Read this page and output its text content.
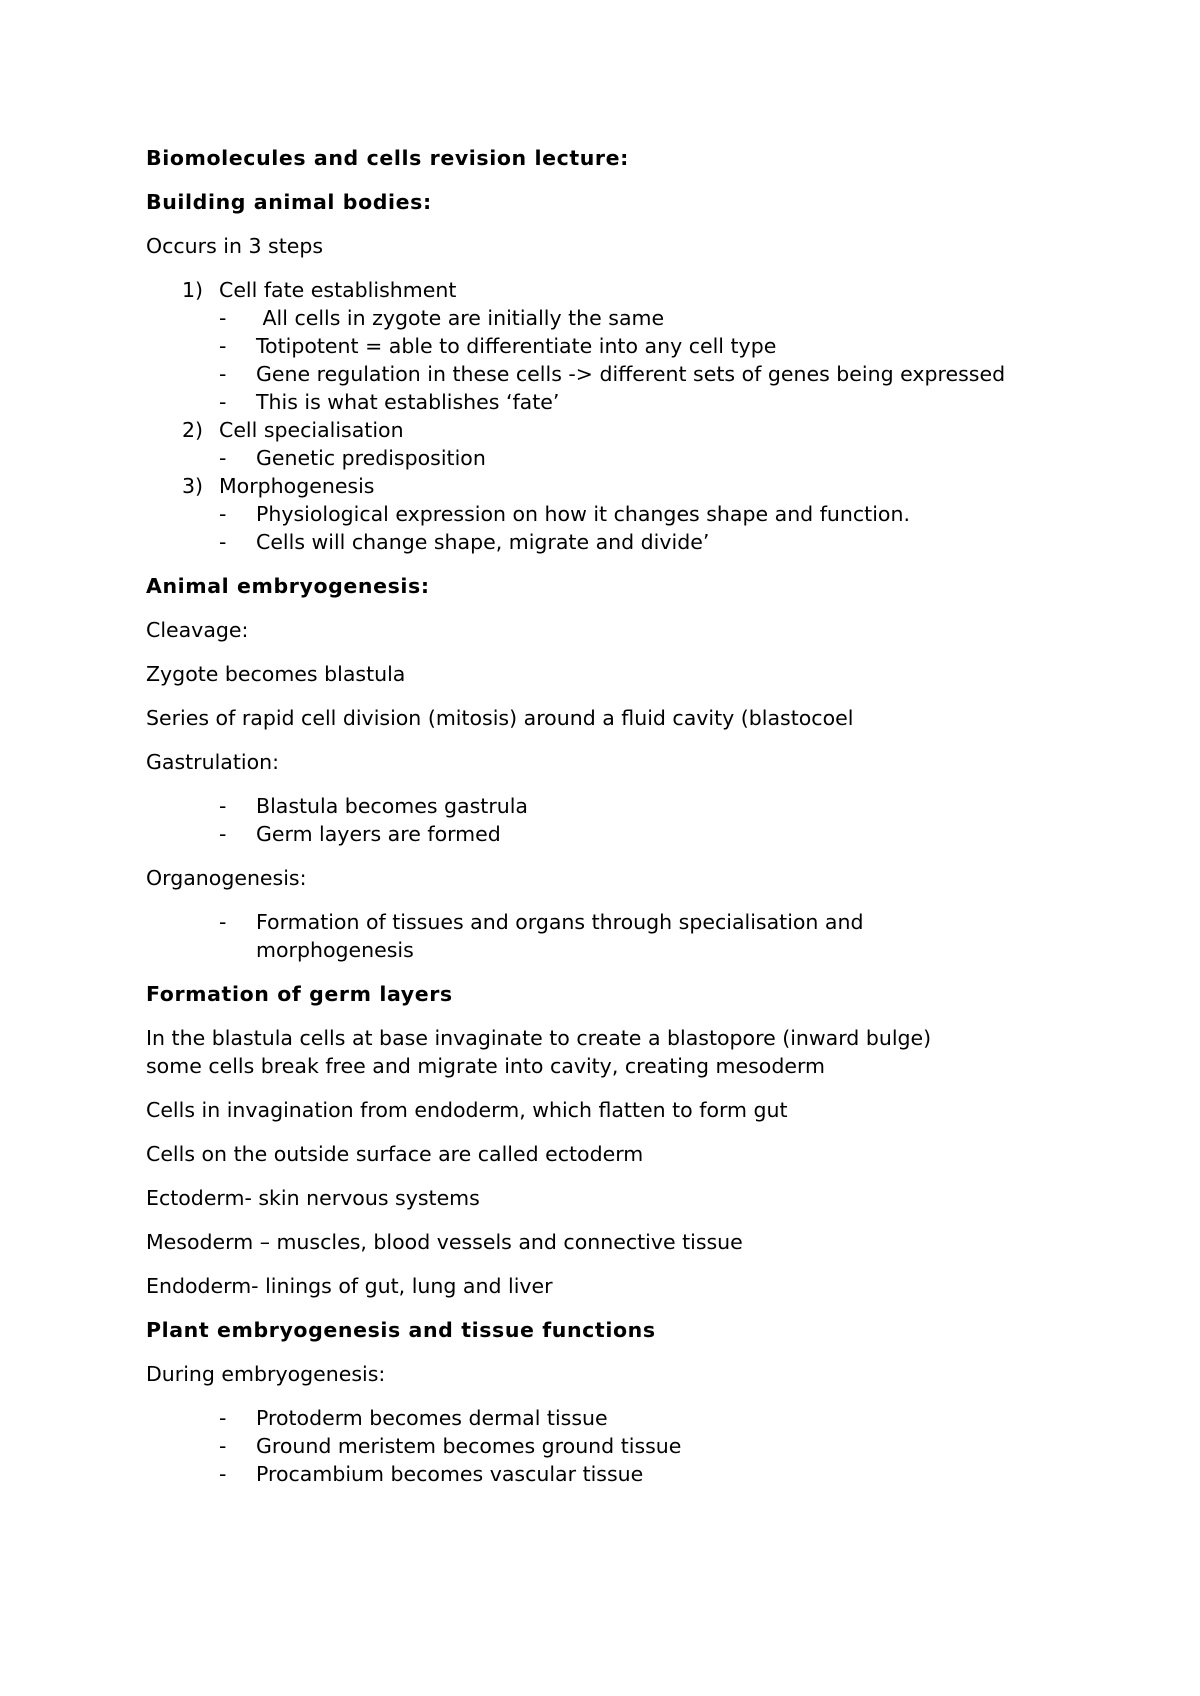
Biomolecules and cells revision lecture:
Building animal bodies:
Occurs in 3 steps
1) Cell fate establishment
- All cells in zygote are initially the same
- Totipotent = able to differentiate into any cell type
- Gene regulation in these cells -> different sets of genes being expressed
- This is what establishes ‘fate’
2) Cell specialisation
- Genetic predisposition
3) Morphogenesis
- Physiological expression on how it changes shape and function.
- Cells will change shape, migrate and divide’
Animal embryogenesis:
Cleavage:
Zygote becomes blastula
Series of rapid cell division (mitosis) around a fluid cavity (blastocoel
Gastrulation:
- Blastula becomes gastrula
- Germ layers are formed
Organogenesis:
- Formation of tissues and organs through specialisation and morphogenesis
Formation of germ layers
In the blastula cells at base invaginate to create a blastopore (inward bulge) some cells break free and migrate into cavity, creating mesoderm
Cells in invagination from endoderm, which flatten to form gut
Cells on the outside surface are called ectoderm
Ectoderm- skin nervous systems
Mesoderm – muscles, blood vessels and connective tissue
Endoderm- linings of gut, lung and liver
Plant embryogenesis and tissue functions
During embryogenesis:
- Protoderm becomes dermal tissue
- Ground meristem becomes ground tissue
- Procambium becomes vascular tissue
